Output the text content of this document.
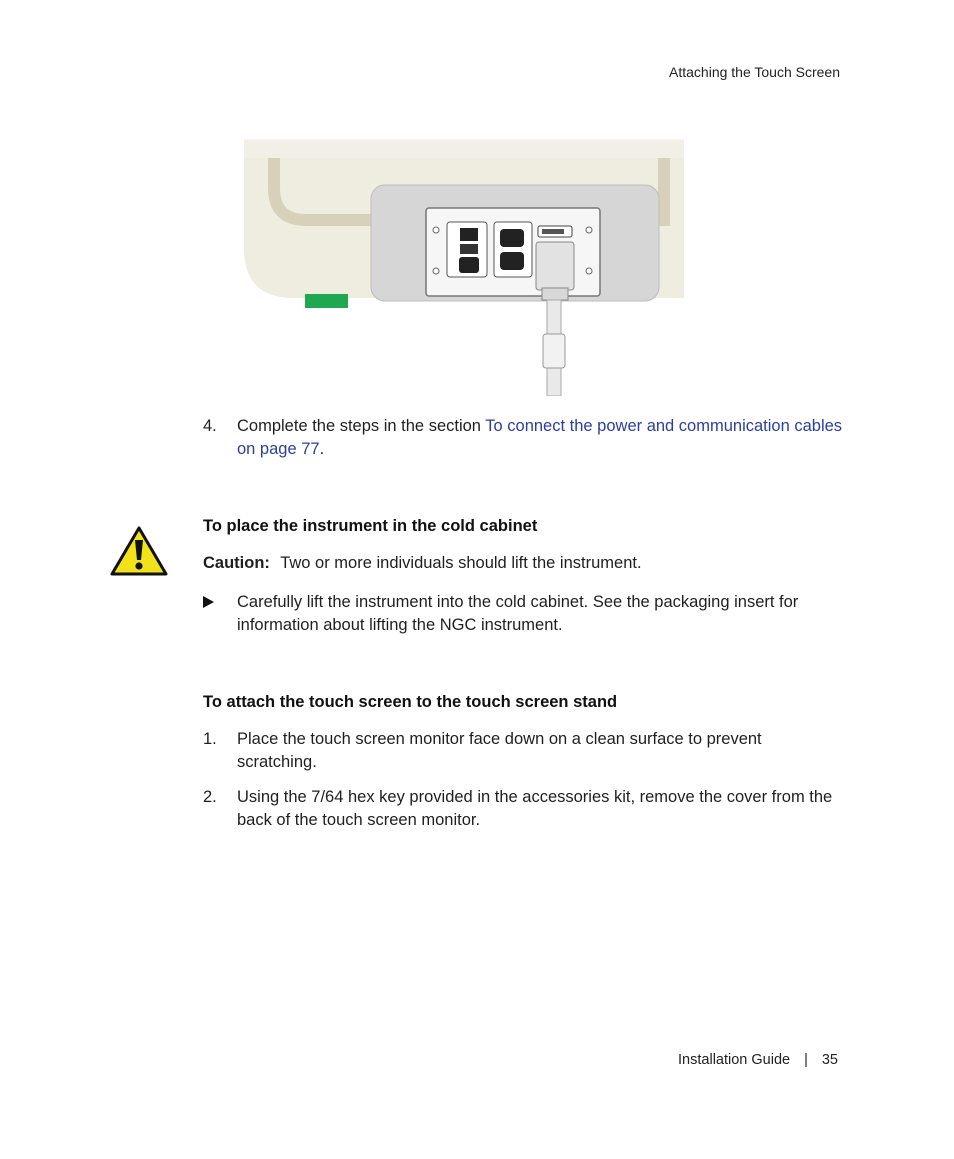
Attaching the Touch Screen
4.	Complete the steps in the section To connect the power and communication cables on page 77.
To place the instrument in the cold cabinet
Caution: Two or more individuals should lift the instrument.
Carefully lift the instrument into the cold cabinet. See the packaging insert for information about lifting the NGC instrument.
To attach the touch screen to the touch screen stand
1.	Place the touch screen monitor face down on a clean surface to prevent scratching.
2.	Using the 7/64 hex key provided in the accessories kit, remove the cover from the back of the touch screen monitor.
Installation Guide | 35
